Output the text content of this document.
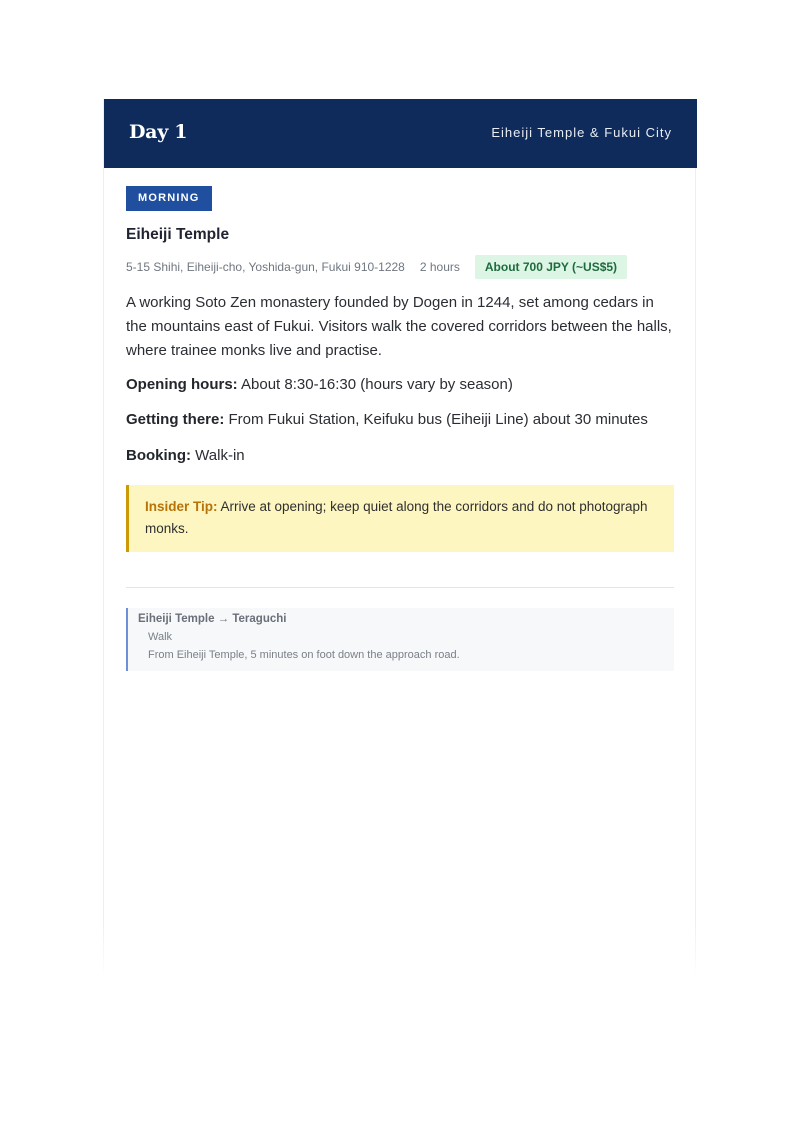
Day 1	Eiheiji Temple & Fukui City
MORNING
Eiheiji Temple
5-15 Shihi, Eiheiji-cho, Yoshida-gun, Fukui 910-1228 2 hours	About 700 JPY (~US$5)
A working Soto Zen monastery founded by Dogen in 1244, set among cedars in the mountains east of Fukui. Visitors walk the covered corridors between the halls, where trainee monks live and practise.
Opening hours: About 8:30-16:30 (hours vary by season)
Getting there: From Fukui Station, Keifuku bus (Eiheiji Line) about 30 minutes
Booking: Walk-in
Insider Tip: Arrive at opening; keep quiet along the corridors and do not photograph monks.
Eiheiji Temple → Teraguchi
Walk
From Eiheiji Temple, 5 minutes on foot down the approach road.
